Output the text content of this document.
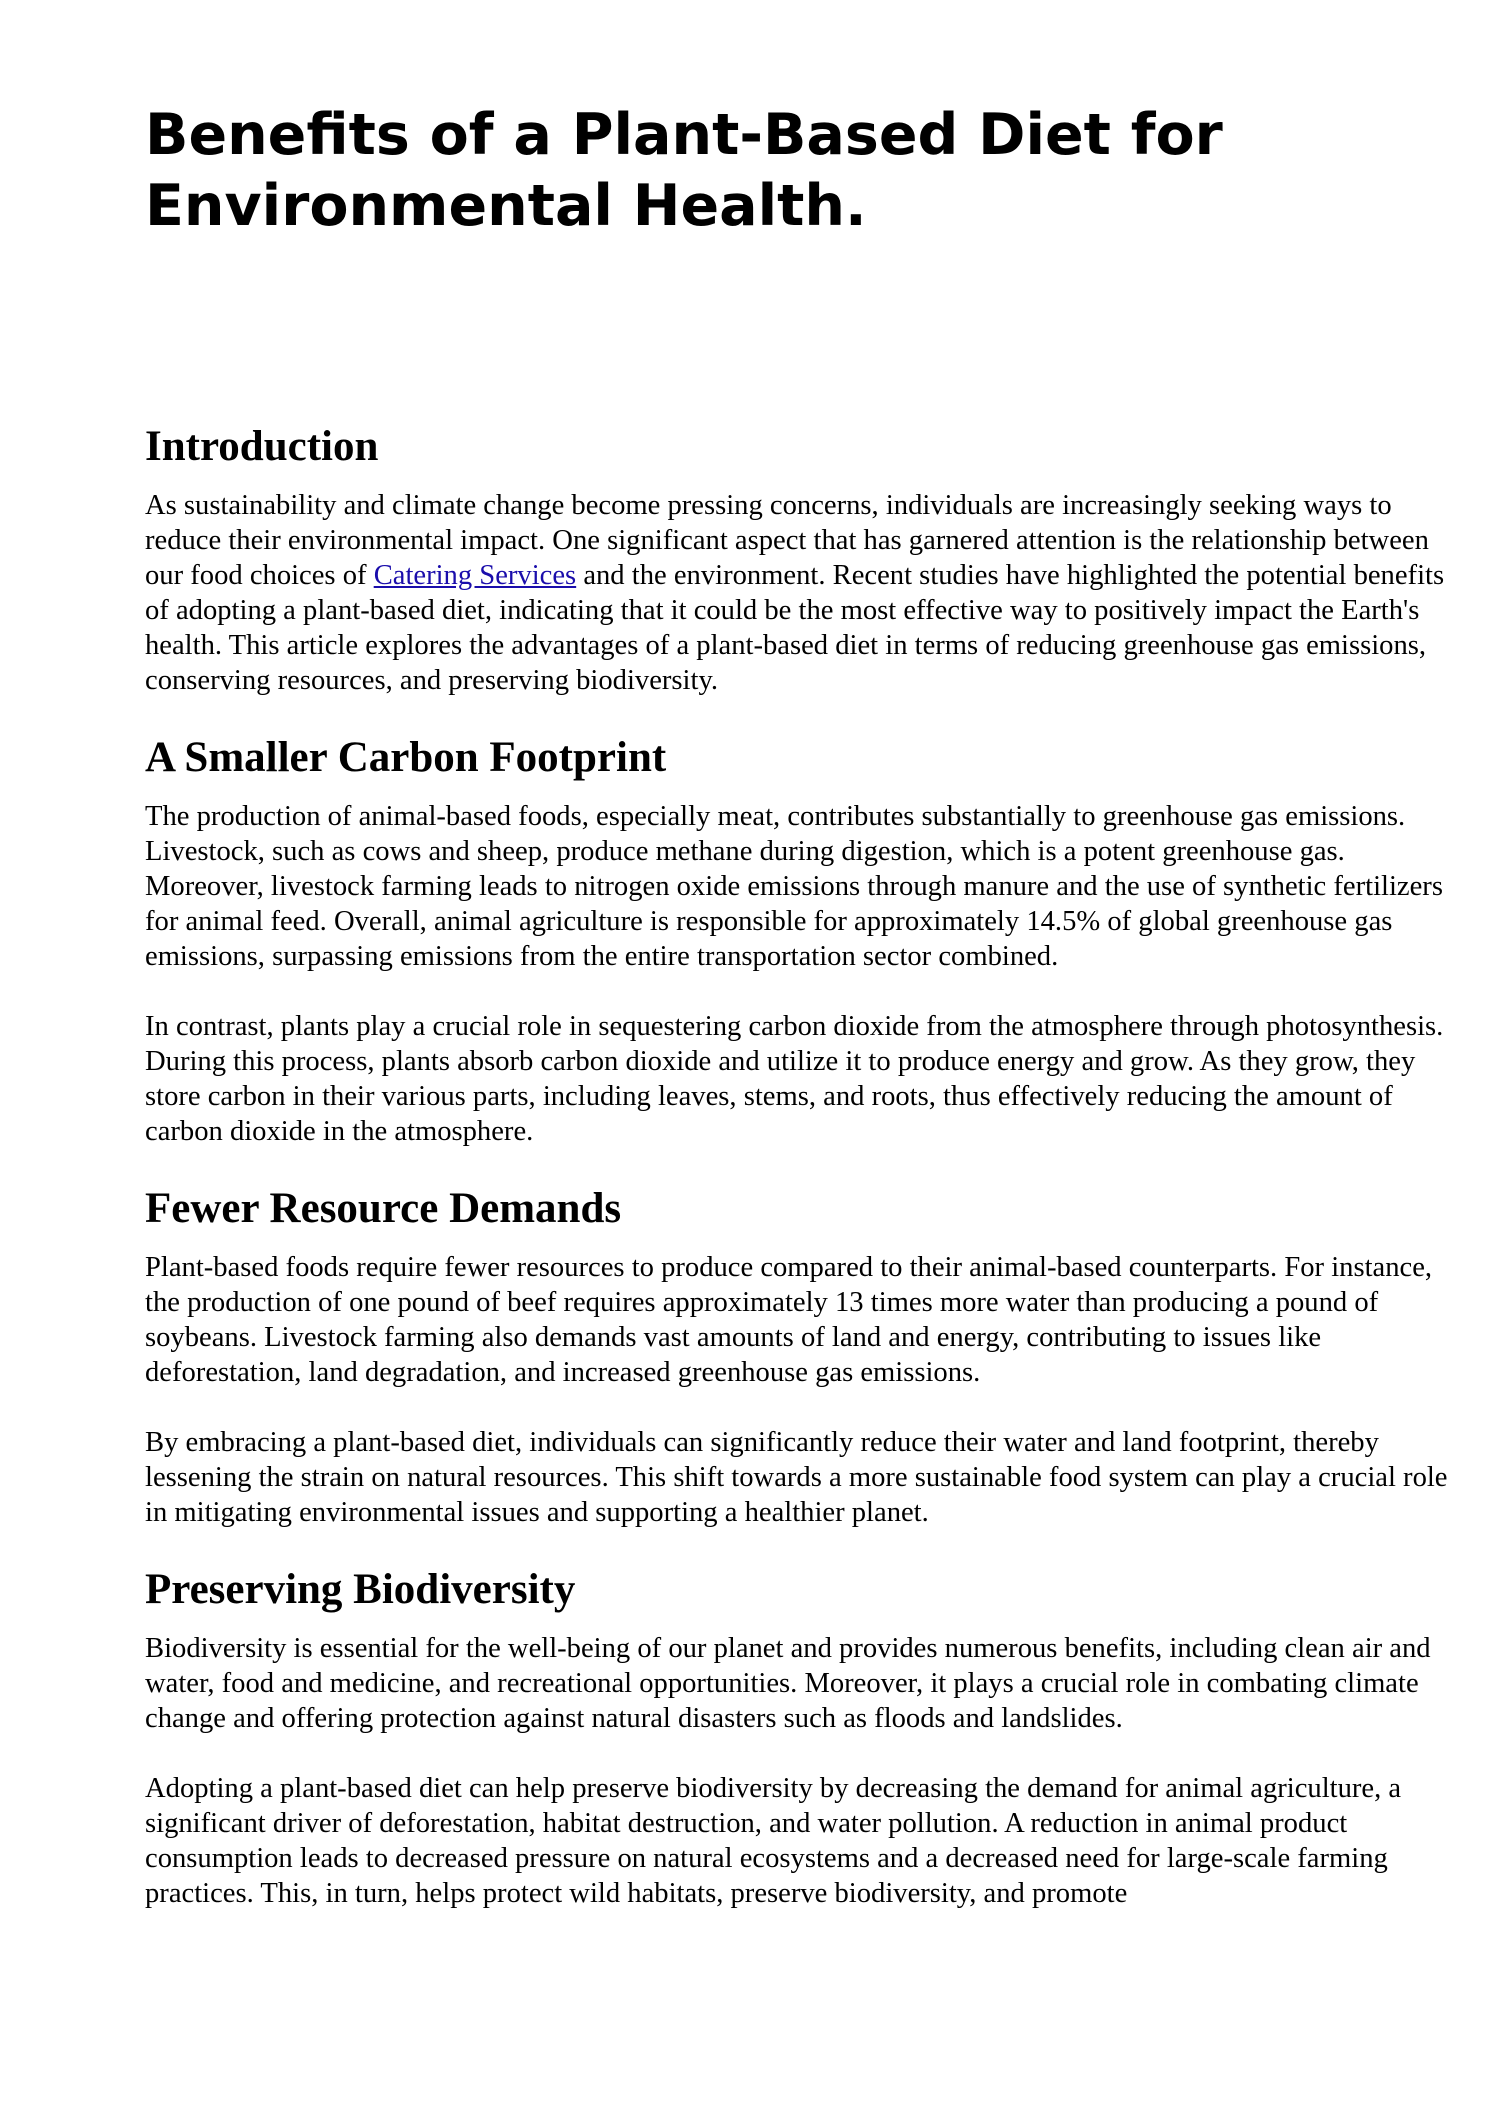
Benefits of a Plant-Based Diet for Environmental Health.
Introduction

As sustainability and climate change become pressing concerns, individuals are increasingly seeking ways to reduce their environmental impact. One significant aspect that has garnered attention is the relationship between our food choices of Catering Services and the environment. Recent studies have highlighted the potential benefits of adopting a plant-based diet, indicating that it could be the most effective way to positively impact the Earth's health. This article explores the advantages of a plant-based diet in terms of reducing greenhouse gas emissions, conserving resources, and preserving biodiversity.

A Smaller Carbon Footprint

The production of animal-based foods, especially meat, contributes substantially to greenhouse gas emissions. Livestock, such as cows and sheep, produce methane during digestion, which is a potent greenhouse gas. Moreover, livestock farming leads to nitrogen oxide emissions through manure and the use of synthetic fertilizers for animal feed. Overall, animal agriculture is responsible for approximately 14.5% of global greenhouse gas emissions, surpassing emissions from the entire transportation sector combined.

In contrast, plants play a crucial role in sequestering carbon dioxide from the atmosphere through photosynthesis. During this process, plants absorb carbon dioxide and utilize it to produce energy and grow. As they grow, they store carbon in their various parts, including leaves, stems, and roots, thus effectively reducing the amount of carbon dioxide in the atmosphere.

Fewer Resource Demands

Plant-based foods require fewer resources to produce compared to their animal-based counterparts. For instance, the production of one pound of beef requires approximately 13 times more water than producing a pound of soybeans. Livestock farming also demands vast amounts of land and energy, contributing to issues like deforestation, land degradation, and increased greenhouse gas emissions.

By embracing a plant-based diet, individuals can significantly reduce their water and land footprint, thereby lessening the strain on natural resources. This shift towards a more sustainable food system can play a crucial role in mitigating environmental issues and supporting a healthier planet.

Preserving Biodiversity

Biodiversity is essential for the well-being of our planet and provides numerous benefits, including clean air and water, food and medicine, and recreational opportunities. Moreover, it plays a crucial role in combating climate change and offering protection against natural disasters such as floods and landslides.

Adopting a plant-based diet can help preserve biodiversity by decreasing the demand for animal agriculture, a significant driver of deforestation, habitat destruction, and water pollution. A reduction in animal product consumption leads to decreased pressure on natural ecosystems and a decreased need for large-scale farming practices. This, in turn, helps protect wild habitats, preserve biodiversity, and promote
